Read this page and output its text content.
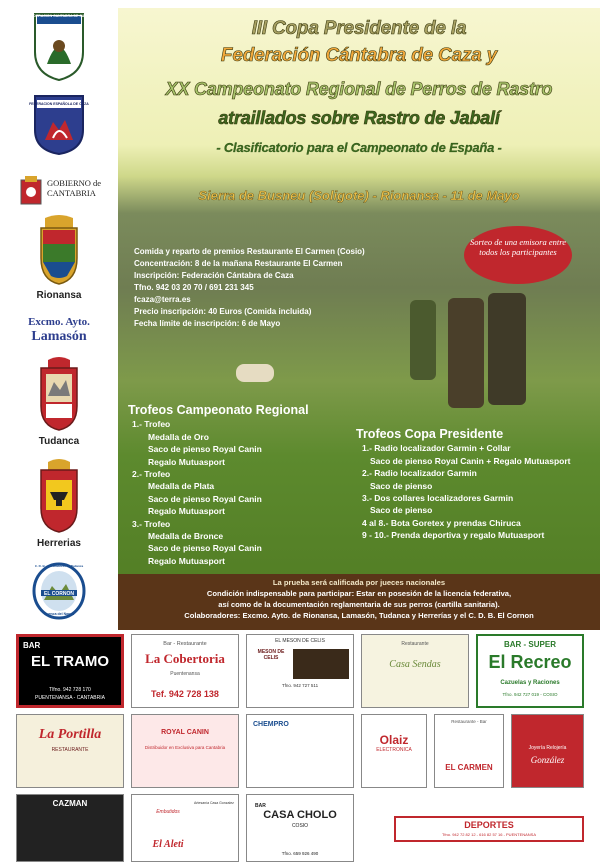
FEDERACION CANTABRA DE CAZA
FEDERACION ESPAÑOLA DE CAZA
GOBIERNO de CANTABRIA
Rionansa
Excmo. Ayto.
Lamasón
Tudanca
Herrerias
EL CORNON
C. D. B. de Cazadores de Tudanca
Cuenca del Nansa
III Copa Presidente de la
Federación Cántabra de Caza y
XX Campeonato Regional de Perros de Rastro
atraillados sobre Rastro de Jabalí
- Clasificatorio para el Campeonato de España -
Sierra de Busneu (Soligote) - Rionansa - 11 de Mayo
Sorteo de una emisora entre todos los participantes
Comida y reparto de premios Restaurante El Carmen (Cosio)
Concentración: 8 de la mañana Restaurante El Carmen
Inscripción: Federación Cántabra de Caza
Tfno. 942 03 20 70 / 691 231 345
fcaza@terra.es
Precio inscripción: 40 Euros (Comida incluida)
Fecha límite de inscripción: 6 de Mayo
Trofeos Campeonato Regional
1.- Trofeo
Medalla de Oro
Saco de pienso Royal Canin
Regalo Mutuasport
2.- Trofeo
Medalla de Plata
Saco de pienso Royal Canin
Regalo Mutuasport
3.- Trofeo
Medalla de Bronce
Saco de pienso Royal Canin
Regalo Mutuasport
Trofeos Copa Presidente
1.- Radio localizador Garmin + Collar
Saco de pienso Royal Canin + Regalo Mutuasport
2.- Radio localizador Garmin
Saco de pienso
3.- Dos collares localizadores Garmin
Saco de pienso
4 al 8.- Bota Goretex y prendas Chiruca
9 - 10.- Prenda deportiva y regalo Mutuasport
La prueba será calificada por jueces nacionales
Condición indispensable para participar: Estar en posesión de la licencia federativa,
así como de la documentación reglamentaria de sus perros (cartilla sanitaria).
Colaboradores: Excmo. Ayto. de Rionansa, Lamasón, Tudanca y Herrerías y el C. D. B. El Cornon
BAR
EL TRAMO
Tlfno. 942 728 170
PUENTENANSA - CANTABRIA
Bar - Restaurante
La Cobertoria
Puentenansa
Tef. 942 728 138
EL MESON DE CELIS
MESON DE CELIS
Tfno. 942 727 511
Restaurante
Casa Sendas
BAR - SUPER
El Recreo
Cazuelas y Raciones
Tfno. 942 727 019 - COSIO
La Portilla
RESTAURANTE
ROYAL CANIN
Distribuidor en Exclusiva para Cantabria
CHEMPRO
Olaiz
ELECTRONICA
Restaurante - Bar
EL CARMEN
Joyería Relojería
González
CAZMAN
Embutidos
El Aleti
Artesanía Casa Gonzalez	BAR
CASA CHOLO
COSIO
Tfno. 659 926 490
DEPORTES
Tfno. 942 72 82 12 - 616 82 57 16 - PUENTENANSA
